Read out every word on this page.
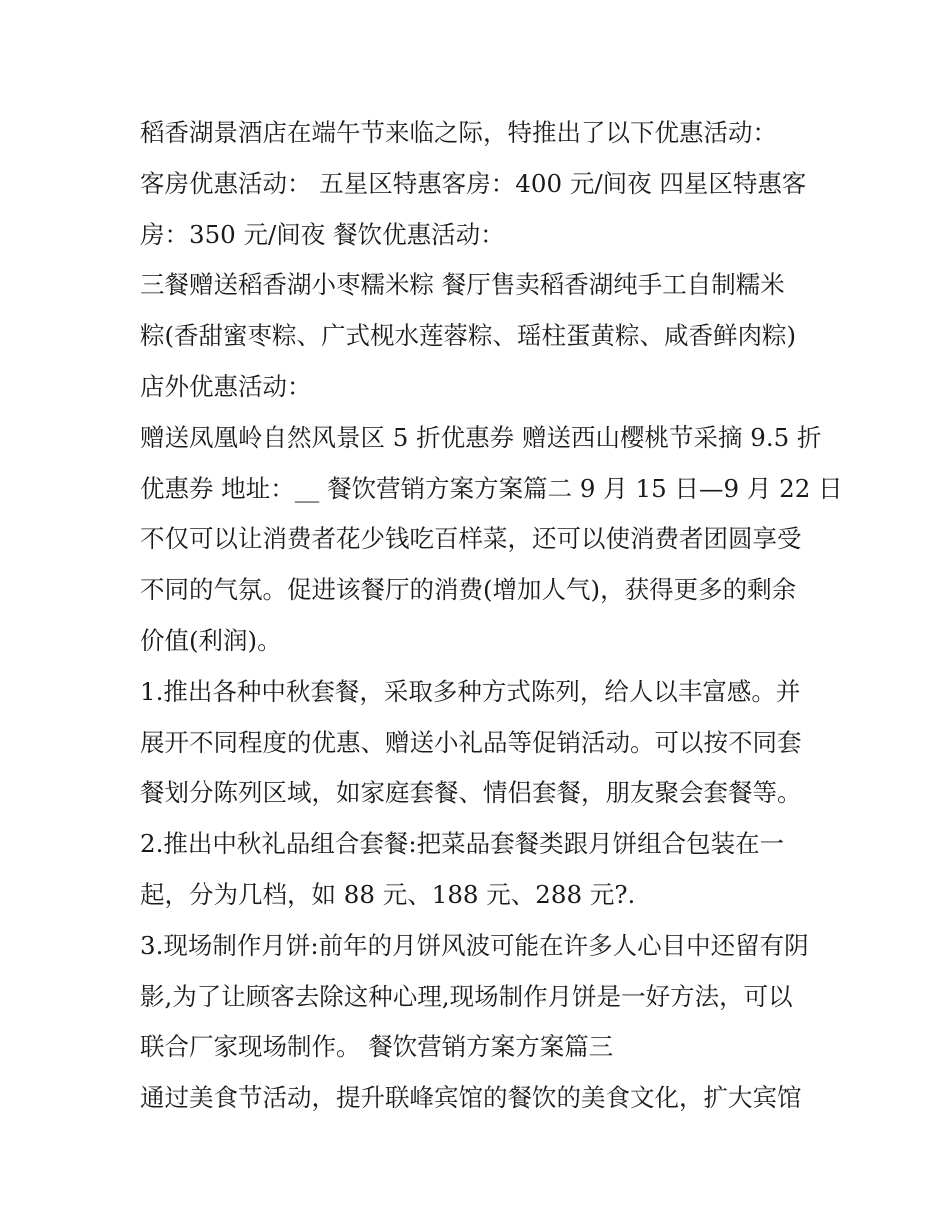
稻香湖景酒店在端午节来临之际，特推出了以下优惠活动：
客房优惠活动： 五星区特惠客房：400 元/间夜 四星区特惠客
房：350 元/间夜 餐饮优惠活动：
三餐赠送稻香湖小枣糯米粽 餐厅售卖稻香湖纯手工自制糯米
粽(香甜蜜枣粽、广式枧水莲蓉粽、瑶柱蛋黄粽、咸香鲜肉粽)
店外优惠活动：
赠送凤凰岭自然风景区 5 折优惠券 赠送西山樱桃节采摘 9.5 折
优惠券 地址：__ 餐饮营销方案方案篇二 9 月 15 日—9 月 22 日
不仅可以让消费者花少钱吃百样菜，还可以使消费者团圆享受
不同的气氛。促进该餐厅的消费(增加人气)，获得更多的剩余
价值(利润)。
1.推出各种中秋套餐，采取多种方式陈列，给人以丰富感。并
展开不同程度的优惠、赠送小礼品等促销活动。可以按不同套
餐划分陈列区域，如家庭套餐、情侣套餐，朋友聚会套餐等。
2.推出中秋礼品组合套餐:把菜品套餐类跟月饼组合包装在一
起，分为几档，如 88 元、188 元、288 元?.
3.现场制作月饼:前年的月饼风波可能在许多人心目中还留有阴
影,为了让顾客去除这种心理,现场制作月饼是一好方法，可以
联合厂家现场制作。 餐饮营销方案方案篇三
通过美食节活动，提升联峰宾馆的餐饮的美食文化，扩大宾馆
